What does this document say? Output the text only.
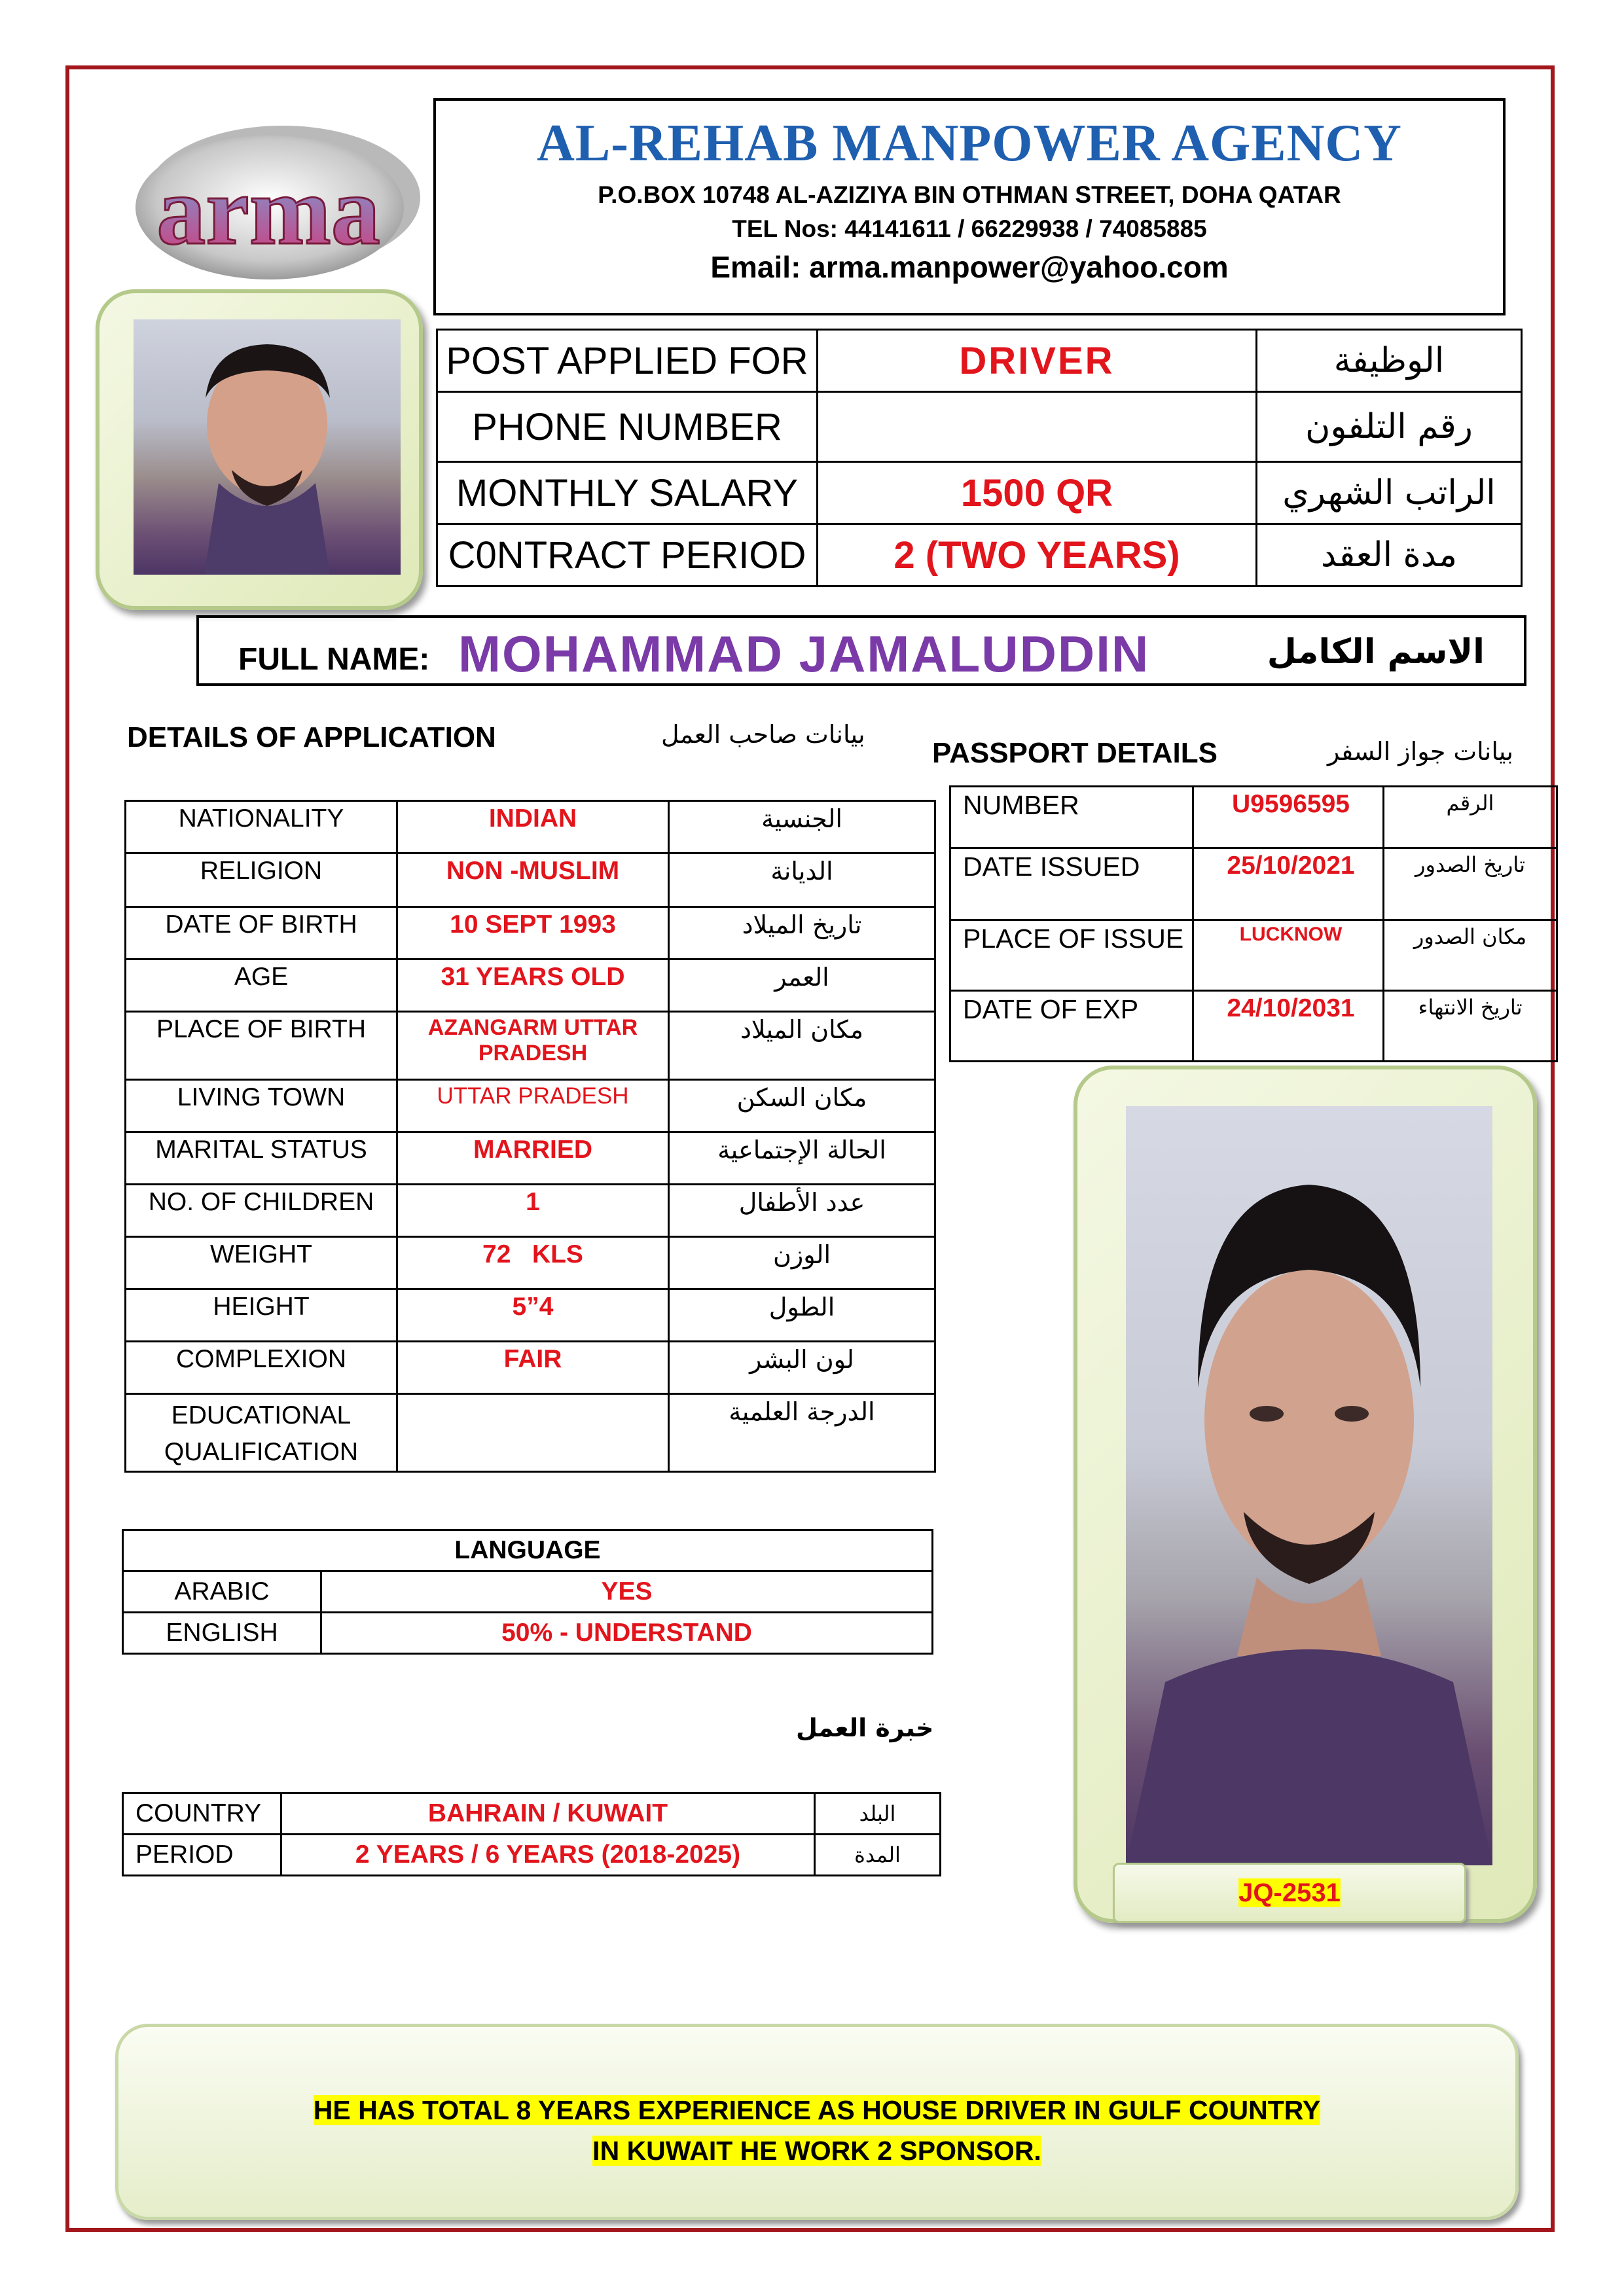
arma
AL-REHAB MANPOWER AGENCY
P.O.BOX 10748 AL-AZIZIYA BIN OTHMAN STREET, DOHA QATAR
TEL Nos: 44141611 / 66229938 / 74085885
Email: arma.manpower@yahoo.com
POST APPLIED FOR	DRIVER	الوظيفة
PHONE NUMBER		رقم التلفون
MONTHLY SALARY	1500 QR	الراتب الشهري
C0NTRACT PERIOD	2 (TWO YEARS)	مدة العقد
FULL NAME: MOHAMMAD JAMALUDDIN	الاسم الكامل
DETAILS OF APPLICATION	بيانات صاحب العمل
NATIONALITY	INDIAN	الجنسية
RELIGION	NON -MUSLIM	الديانة
DATE OF BIRTH	10 SEPT 1993	تاريخ الميلاد
AGE	31 YEARS OLD	العمر
PLACE OF BIRTH	AZANGARM UTTAR PRADESH	مكان الميلاد
LIVING TOWN	UTTAR PRADESH	مكان السكن
MARITAL STATUS	MARRIED	الحالة الإجتماعية
NO. OF CHILDREN	1	عدد الأطفال
WEIGHT	72   KLS	الوزن
HEIGHT	5”4	الطول
COMPLEXION	FAIR	لون البشر
EDUCATIONAL QUALIFICATION		الدرجة العلمية
PASSPORT DETAILS	بيانات جواز السفر
NUMBER	U9596595	الرقم
DATE ISSUED	25/10/2021	تاريخ الصدور
PLACE OF ISSUE	LUCKNOW	مكان الصدور
DATE OF EXP	24/10/2031	تاريخ الانتهاء
JQ-2531
LANGUAGE	
ARABIC	YES
ENGLISH	50% - UNDERSTAND
خبرة العمل
COUNTRY	BAHRAIN / KUWAIT	البلد
PERIOD	2 YEARS / 6 YEARS (2018-2025)	المدة
HE HAS TOTAL 8 YEARS EXPERIENCE AS HOUSE DRIVER IN GULF COUNTRY
IN KUWAIT HE WORK 2 SPONSOR.
